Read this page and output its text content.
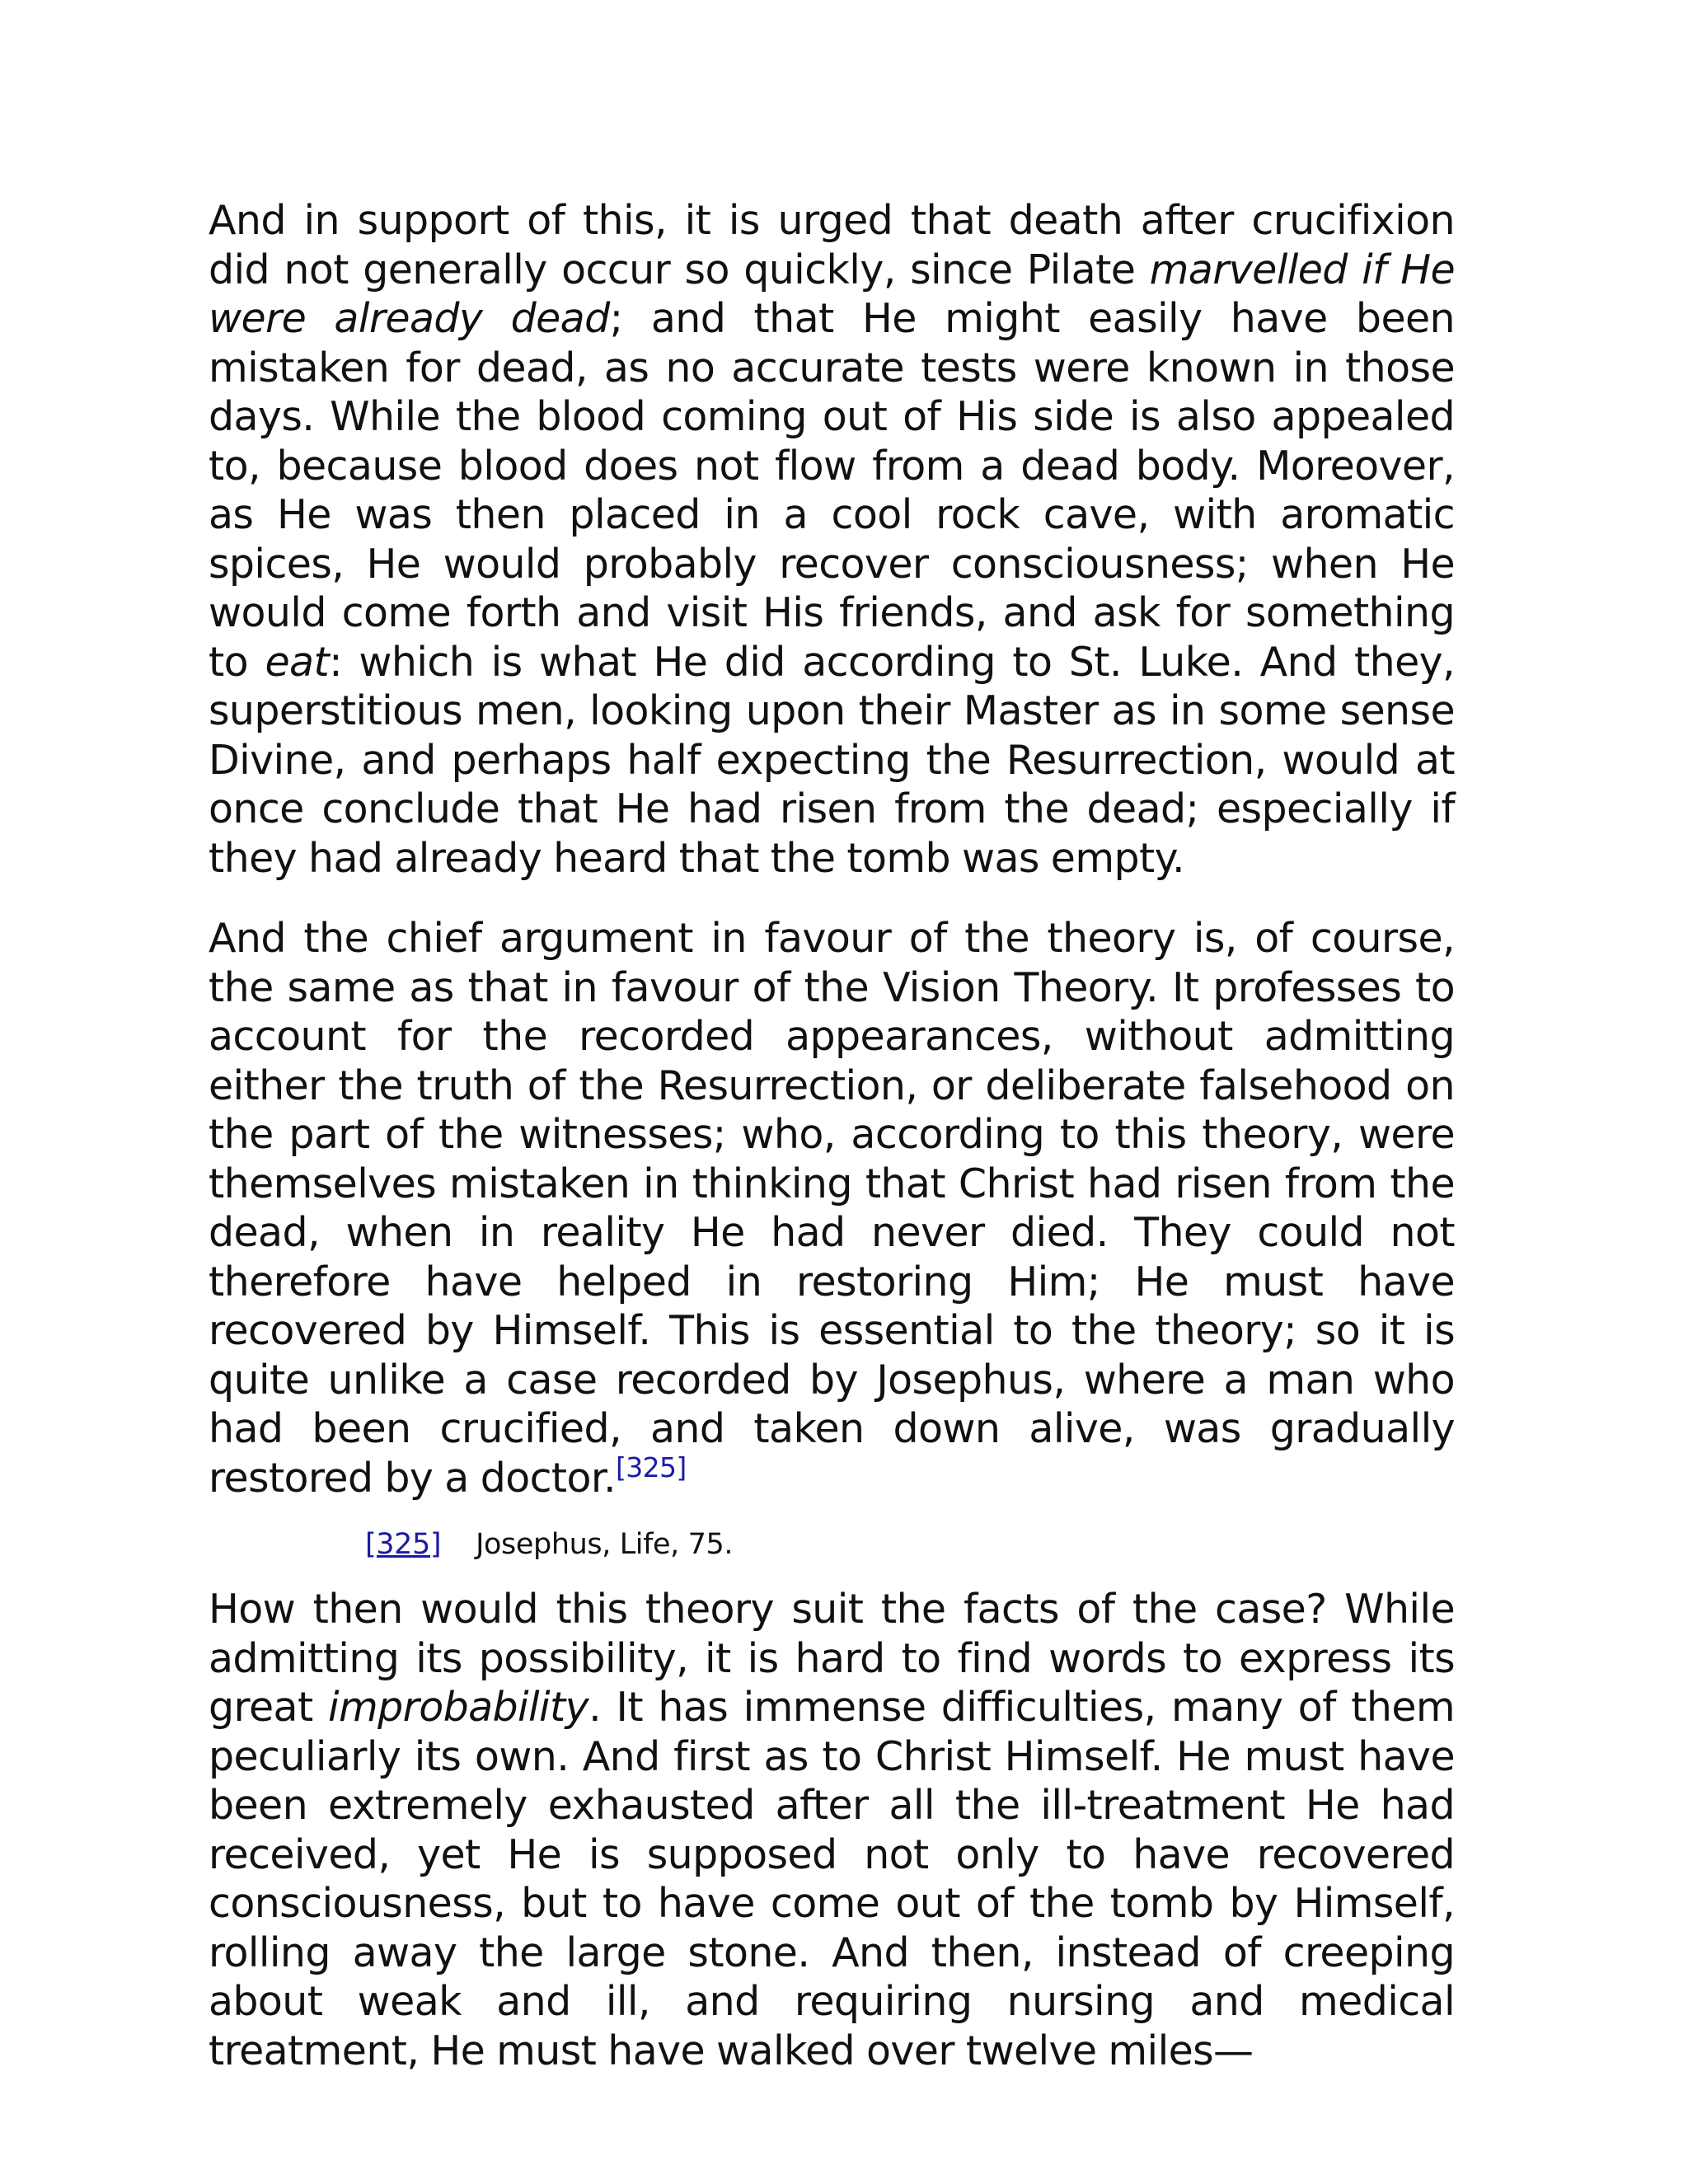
And in support of this, it is urged that death after crucifixion did not generally occur so quickly, since Pilate marvelled if He were already dead; and that He might easily have been mistaken for dead, as no accurate tests were known in those days. While the blood coming out of His side is also appealed to, because blood does not flow from a dead body. Moreover, as He was then placed in a cool rock cave, with aromatic spices, He would probably recover consciousness; when He would come forth and visit His friends, and ask for something to eat: which is what He did according to St. Luke. And they, superstitious men, looking upon their Master as in some sense Divine, and perhaps half expecting the Resurrection, would at once conclude that He had risen from the dead; especially if they had already heard that the tomb was empty.

And the chief argument in favour of the theory is, of course, the same as that in favour of the Vision Theory. It professes to account for the recorded appearances, without admitting either the truth of the Resurrection, or deliberate falsehood on the part of the witnesses; who, according to this theory, were themselves mistaken in thinking that Christ had risen from the dead, when in reality He had never died. They could not therefore have helped in restoring Him; He must have recovered by Himself. This is essential to the theory; so it is quite unlike a case recorded by Josephus, where a man who had been crucified, and taken down alive, was gradually restored by a doctor.[325]

[325] Josephus, Life, 75.

How then would this theory suit the facts of the case? While admitting its possibility, it is hard to find words to express its great improbability. It has immense difficulties, many of them peculiarly its own. And first as to Christ Himself. He must have been extremely exhausted after all the ill-treatment He had received, yet He is supposed not only to have recovered consciousness, but to have come out of the tomb by Himself, rolling away the large stone. And then, instead of creeping about weak and ill, and requiring nursing and medical treatment, He must have walked over twelve miles—
